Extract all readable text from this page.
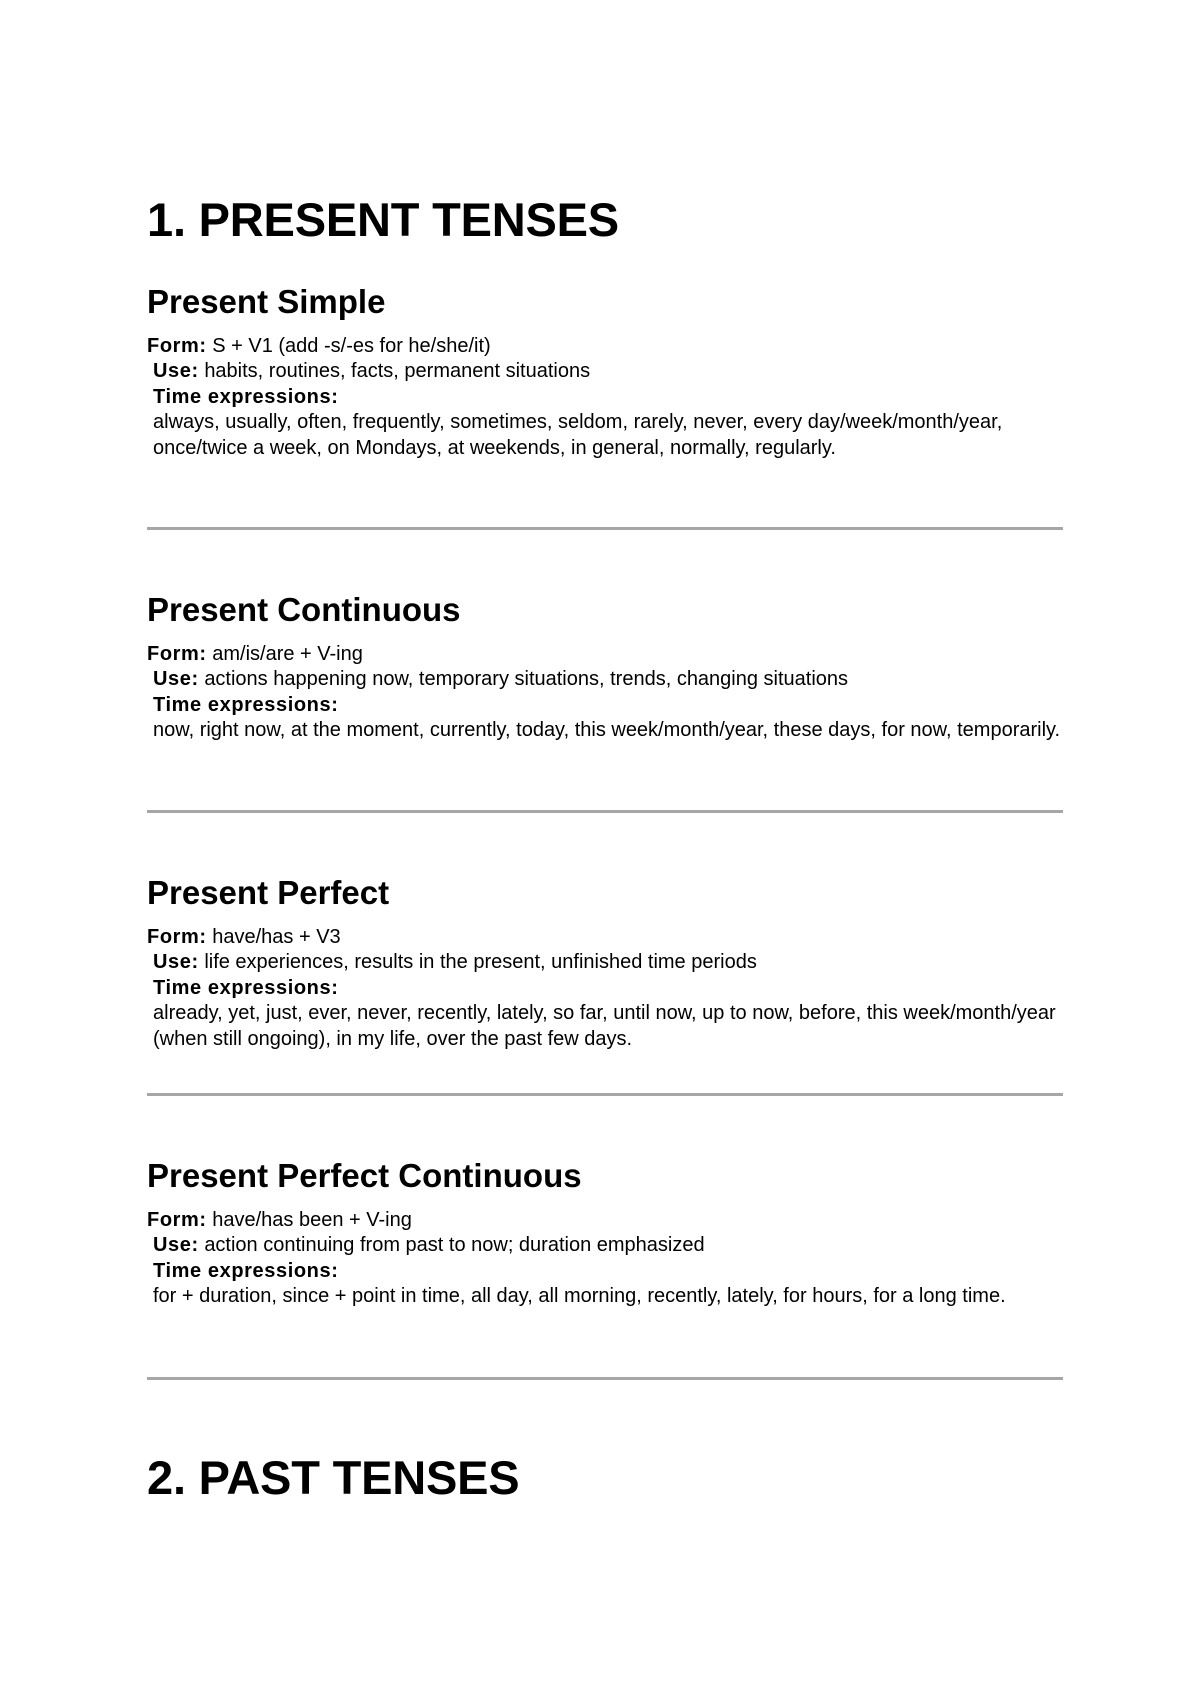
1. PRESENT TENSES
Present Simple
Form: S + V1 (add -s/-es for he/she/it)
Use: habits, routines, facts, permanent situations
Time expressions:
always, usually, often, frequently, sometimes, seldom, rarely, never, every day/week/month/year, once/twice a week, on Mondays, at weekends, in general, normally, regularly.
Present Continuous
Form: am/is/are + V-ing
Use: actions happening now, temporary situations, trends, changing situations
Time expressions:
now, right now, at the moment, currently, today, this week/month/year, these days, for now, temporarily.
Present Perfect
Form: have/has + V3
Use: life experiences, results in the present, unfinished time periods
Time expressions:
already, yet, just, ever, never, recently, lately, so far, until now, up to now, before, this week/month/year (when still ongoing), in my life, over the past few days.
Present Perfect Continuous
Form: have/has been + V-ing
Use: action continuing from past to now; duration emphasized
Time expressions:
for + duration, since + point in time, all day, all morning, recently, lately, for hours, for a long time.
2. PAST TENSES
